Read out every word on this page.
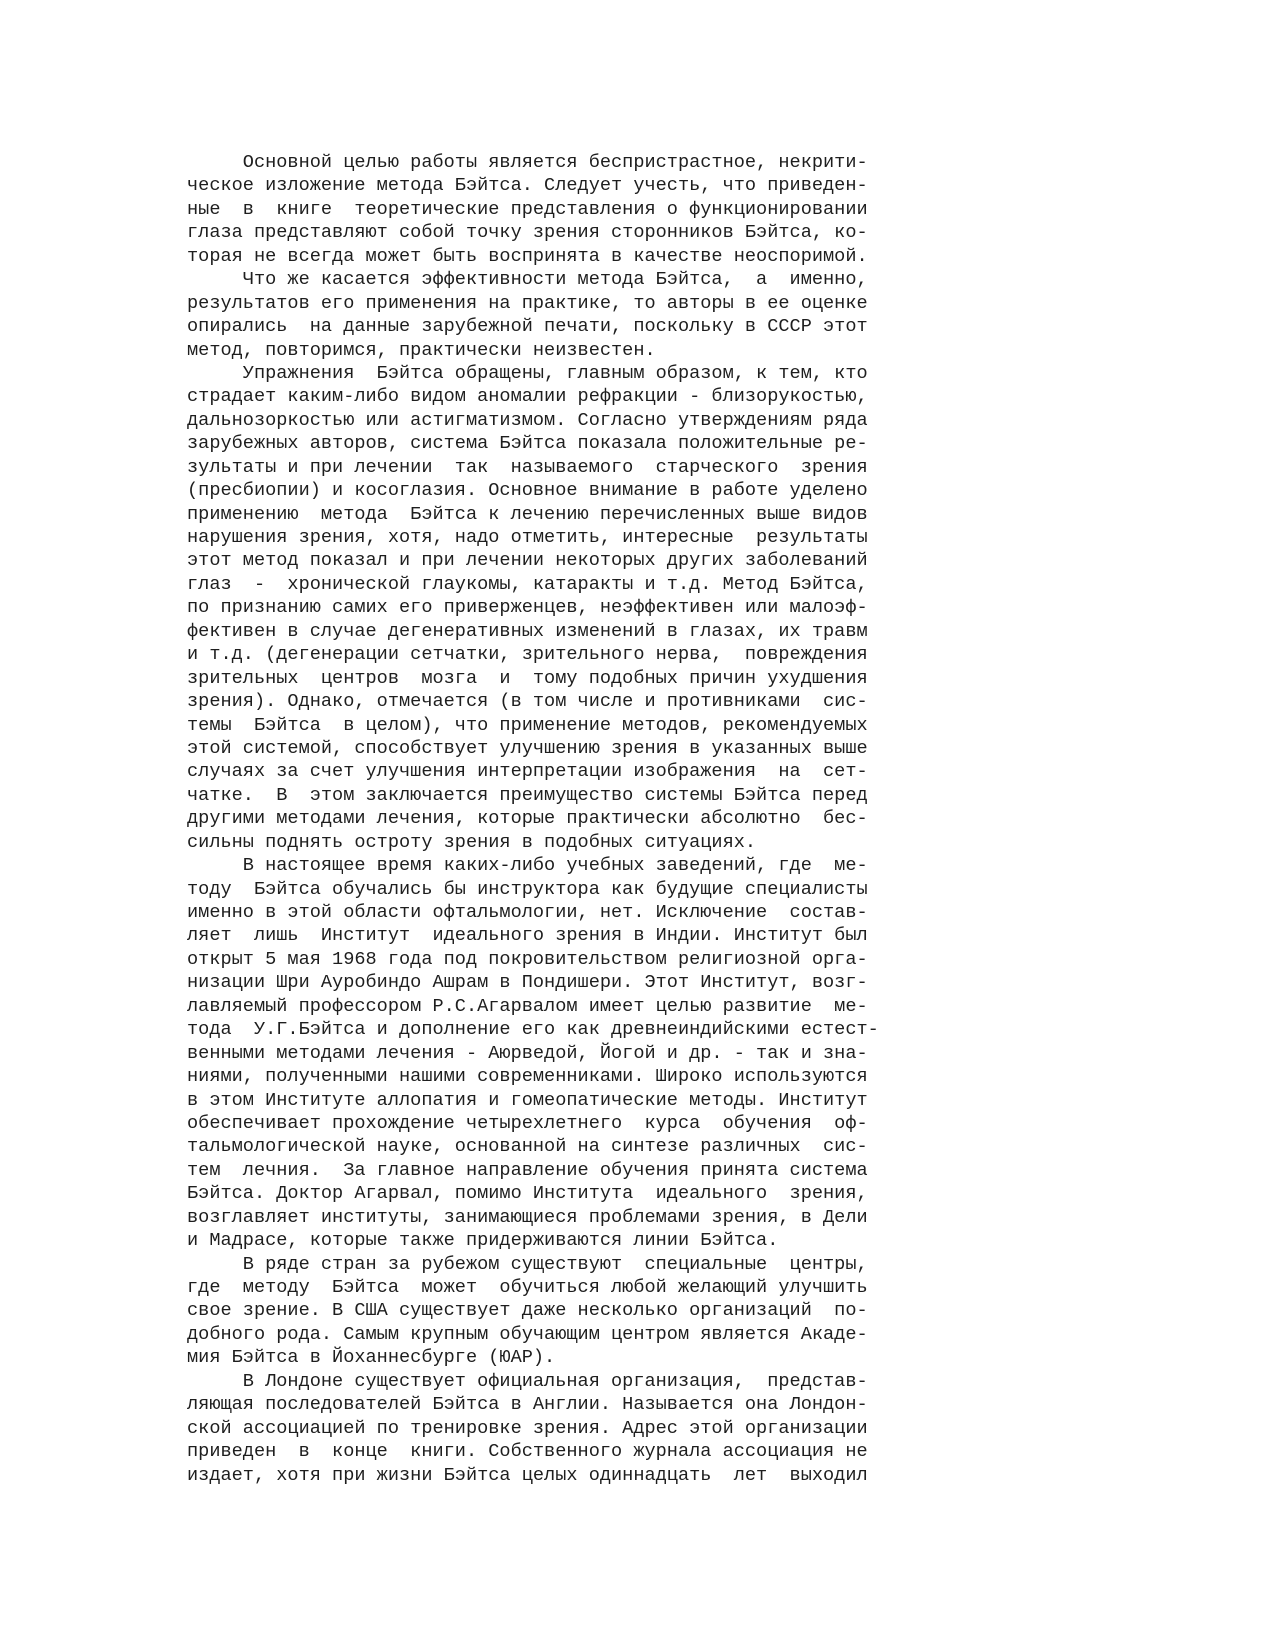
Основной целью работы является беспристрастное, некрити-
ческое изложение метода Бэйтса. Следует учесть, что приведен-
ные  в  книге  теоретические представления о функционировании
глаза представляют собой точку зрения сторонников Бэйтса, ко-
торая не всегда может быть воспринята в качестве неоспоримой.
Что же касается эффективности метода Бэйтса,  а  именно,
результатов его применения на практике, то авторы в ее оценке
опирались  на данные зарубежной печати, поскольку в СССР этот
метод, повторимся, практически неизвестен.
Упражнения  Бэйтса обращены, главным образом, к тем, кто
страдает каким-либо видом аномалии рефракции - близорукостью,
дальнозоркостью или астигматизмом. Согласно утверждениям ряда
зарубежных авторов, система Бэйтса показала положительные ре-
зультаты и при лечении  так  называемого  старческого  зрения
(пресбиопии) и косоглазия. Основное внимание в работе уделено
применению  метода  Бэйтса к лечению перечисленных выше видов
нарушения зрения, хотя, надо отметить, интересные  результаты
этот метод показал и при лечении некоторых других заболеваний
глаз  -  хронической глаукомы, катаракты и т.д. Метод Бэйтса,
по признанию самих его приверженцев, неэффективен или малоэф-
фективен в случае дегенеративных изменений в глазах, их травм
и т.д. (дегенерации сетчатки, зрительного нерва,  повреждения
зрительных  центров  мозга  и  тому подобных причин ухудшения
зрения). Однако, отмечается (в том числе и противниками  сис-
темы  Бэйтса  в целом), что применение методов, рекомендуемых
этой системой, способствует улучшению зрения в указанных выше
случаях за счет улучшения интерпретации изображения  на  сет-
чатке.  В  этом заключается преимущество системы Бэйтса перед
другими методами лечения, которые практически абсолютно  бес-
сильны поднять остроту зрения в подобных ситуациях.
В настоящее время каких-либо учебных заведений, где  ме-
тоду  Бэйтса обучались бы инструктора как будущие специалисты
именно в этой области офтальмологии, нет. Исключение  состав-
ляет  лишь  Институт  идеального зрения в Индии. Институт был
открыт 5 мая 1968 года под покровительством религиозной орга-
низации Шри Ауробиндо Ашрам в Пондишери. Этот Институт, возг-
лавляемый профессором Р.С.Агарвалом имеет целью развитие  ме-
тода  У.Г.Бэйтса и дополнение его как древнеиндийскими естест-
венными методами лечения - Аюрведой, Йогой и др. - так и зна-
ниями, полученными нашими современниками. Широко используются
в этом Институте аллопатия и гомеопатические методы. Институт
обеспечивает прохождение четырехлетнего  курса  обучения  оф-
тальмологической науке, основанной на синтезе различных  сис-
тем  лечния.  За главное направление обучения принята система
Бэйтса. Доктор Агарвал, помимо Института  идеального  зрения,
возглавляет институты, занимающиеся проблемами зрения, в Дели
и Мадрасе, которые также придерживаются линии Бэйтса.
В ряде стран за рубежом существуют  специальные  центры,
где  методу  Бэйтса  может  обучиться любой желающий улучшить
свое зрение. В США существует даже несколько организаций  по-
добного рода. Самым крупным обучающим центром является Акаде-
мия Бэйтса в Йоханнесбурге (ЮАР).
В Лондоне существует официальная организация,  представ-
ляющая последователей Бэйтса в Англии. Называется она Лондон-
ской ассоциацией по тренировке зрения. Адрес этой организации
приведен  в  конце  книги. Собственного журнала ассоциация не
издает, хотя при жизни Бэйтса целых одиннадцать  лет  выходил
